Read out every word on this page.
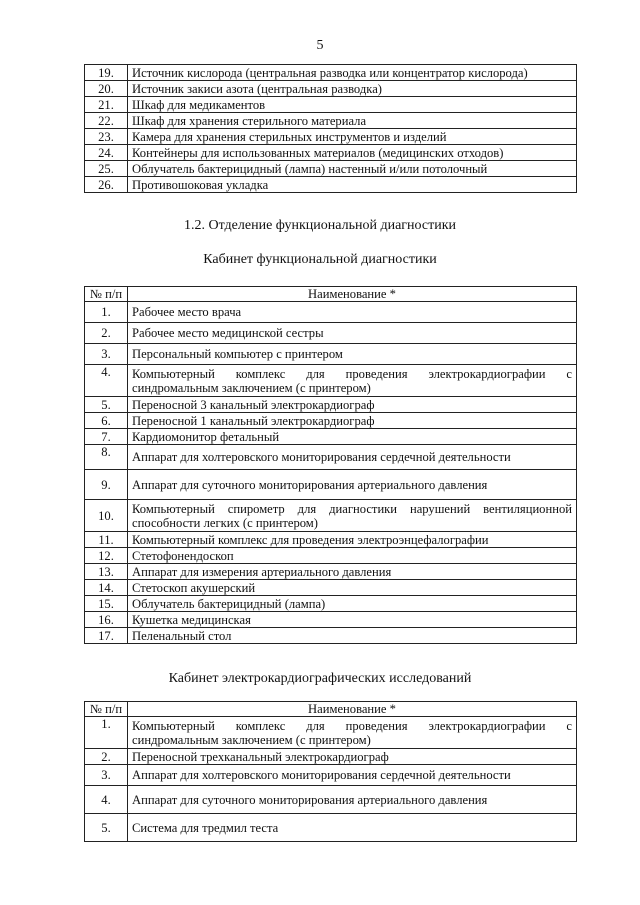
5
19.	Источник кислорода (центральная разводка или концентратор кислорода)
20.	Источник закиси азота (центральная разводка)
21.	Шкаф для медикаментов
22.	Шкаф для хранения стерильного материала
23.	Камера для хранения стерильных инструментов и изделий
24.	Контейнеры для использованных материалов (медицинских отходов)
25.	Облучатель бактерицидный (лампа) настенный и/или потолочный
26.	Противошоковая укладка
1.2. Отделение функциональной диагностики
Кабинет функциональной диагностики
№ п/п	Наименование *
1.	Рабочее место врача
2.	Рабочее место медицинской сестры
3.	Персональный компьютер с принтером
4.	Компьютерный комплекс для проведения электрокардиографии с синдромальным заключением (с принтером)
5.	Переносной 3 канальный электрокардиограф
6.	Переносной 1 канальный электрокардиограф
7.	Кардиомонитор фетальный
8.	Аппарат для холтеровского мониторирования сердечной деятельности
9.	Аппарат для суточного мониторирования артериального давления
10.	Компьютерный спирометр для диагностики нарушений вентиляционной способности легких (с принтером)
11.	Компьютерный комплекс для проведения электроэнцефалографии
12.	Стетофонендоскоп
13.	Аппарат для измерения артериального давления
14.	Стетоскоп акушерский
15.	Облучатель бактерицидный (лампа)
16.	Кушетка медицинская
17.	Пеленальный стол
Кабинет электрокардиографических исследований
№ п/п	Наименование *
1.	Компьютерный комплекс для проведения электрокардиографии с синдромальным заключением (с принтером)
2.	Переносной трехканальный электрокардиограф
3.	Аппарат для холтеровского мониторирования сердечной деятельности
4.	Аппарат для суточного мониторирования артериального давления
5.	Система для тредмил теста
